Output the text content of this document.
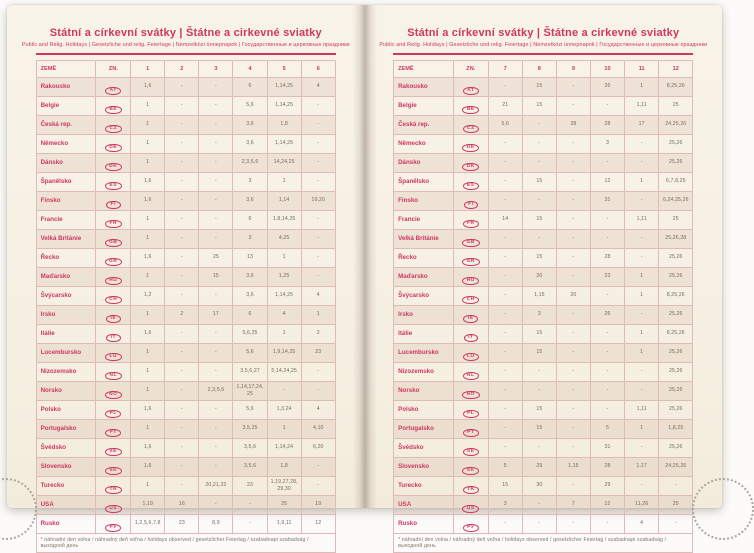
Státní a církevní svátky | Štátne a cirkevné sviatky

Public and Relig. Holidays | Gesetzliche und relig. Feiertage | Nemzetközi ünnepnapok | Государственные и церковные праздники

ZEMĚ	ZN.	1	2	3	4	5	6
Rakousko	AT	1,​6	-	-	6	1,​14,​25	4
Belgie	BE	1	-	-	5,​6	1,​14,​25	-
Česká rep.	CZ	1	-	-	3,​6	1,​8	-
Německo	DE	1	-	-	3,​6	1,​14,​25	-
Dánsko	DK	1	-	-	2,​3,​5,​6	14,​24,​25	-
Španělsko	ES	1,​6	-	-	3	1	-
Finsko	FI	1,​6	-	-	3,​6	1,​14	19,​20
Francie	FR	1	-	-	6	1,​8,​14,​25	-
Velká Británie	GB	1	-	-	3	4,​25	-
Řecko	GR	1,​6	-	25	13	1	-
Maďarsko	HU	1	-	15	3,​6	1,​25	-
Švýcarsko	CH	1,​2	-	-	3,​6	1,​14,​25	4
Irsko	IE	1	2	17	6	4	1
Itálie	IT	1,​6	-	-	5,​6,​25	1	2
Lucembursko	LU	1	-	-	5,​6	1,​9,​14,​25	23
Nizozemsko	NL	1	-	-	3,​5,​6,​27	5,​14,​24,​25	-
Norsko	NO	1	-	2,​3,​5,​6	1,​14,​17,​24,​25	-	-
Polsko	PL	1,​6	-	-	5,​6	1,​3,​24	4
Portugalsko	PT	1	-	-	3,​5,​25	1	4,​10
Švédsko	SE	1,​6	-	-	3,​5,​6	1,​14,​24	6,​20
Slovensko	SK	1,​6	-	-	3,​5,​6	1,​8	-
Turecko	TR	1	-	20,​21,​22	23	1,​19,​27,​28,​29,​30	-
USA	US	1,​19	16	-	-	25	19
Rusko	РУ	1,​2,​5,​6,​7,​8	23	8,​9	-	1,​9,​11	12
* náhradní den volna / náhradný deň voľna / holidays observed / gesetzlicher Feiertag / szabadnapi szabadság / выходной день							
Státní a církevní svátky | Štátne a cirkevné sviatky

Public and Relig. Holidays | Gesetzliche und relig. Feiertage | Nemzetközi ünnepnapok | Государственные и церковные праздники

ZEMĚ	ZN.	7	8	9	10	11	12
Rakousko	AT	-	15	-	26	1	8,​25,​26
Belgie	BE	21	15	-	-	1,​11	25
Česká rep.	CZ	5,​6	-	28	28	17	24,​25,​26
Německo	DE	-	-	-	3	-	25,​26
Dánsko	DK	-	-	-	-	-	25,​26
Španělsko	ES	-	15	-	12	1	6,​7,​8,​25
Finsko	FI	-	-	-	31	-	6,​24,​25,​26
Francie	FR	14	15	-	-	1,​11	25
Velká Británie	GB	-	-	-	-	-	25,​26,​28
Řecko	GR	-	15	-	28	-	25,​26
Maďarsko	HU	-	20	-	23	1	25,​26
Švýcarsko	CH	-	1,​15	20	-	1	8,​25,​26
Irsko	IE	-	3	-	26	-	25,​26
Itálie	IT	-	15	-	-	1	8,​25,​26
Lucembursko	LU	-	15	-	-	1	25,​26
Nizozemsko	NL	-	-	-	-	-	25,​26
Norsko	NO	-	-	-	-	-	25,​26
Polsko	PL	-	15	-	-	1,​11	25,​26
Portugalsko	PT	-	15	-	5	1	1,​8,​25
Švédsko	SE	-	-	-	31	-	25,​26
Slovensko	SK	5	29	1,​15	28	1,​17	24,​25,​26
Turecko	TR	15	30	-	29	-	-
USA	US	3	-	7	12	11,​26	25
Rusko	РУ	-	-	-	-	4	-
* náhradní den volna / náhradný deň voľna / holidays observed / gesetzlicher Feiertag / szabadnapi szabadság / выходной день							
